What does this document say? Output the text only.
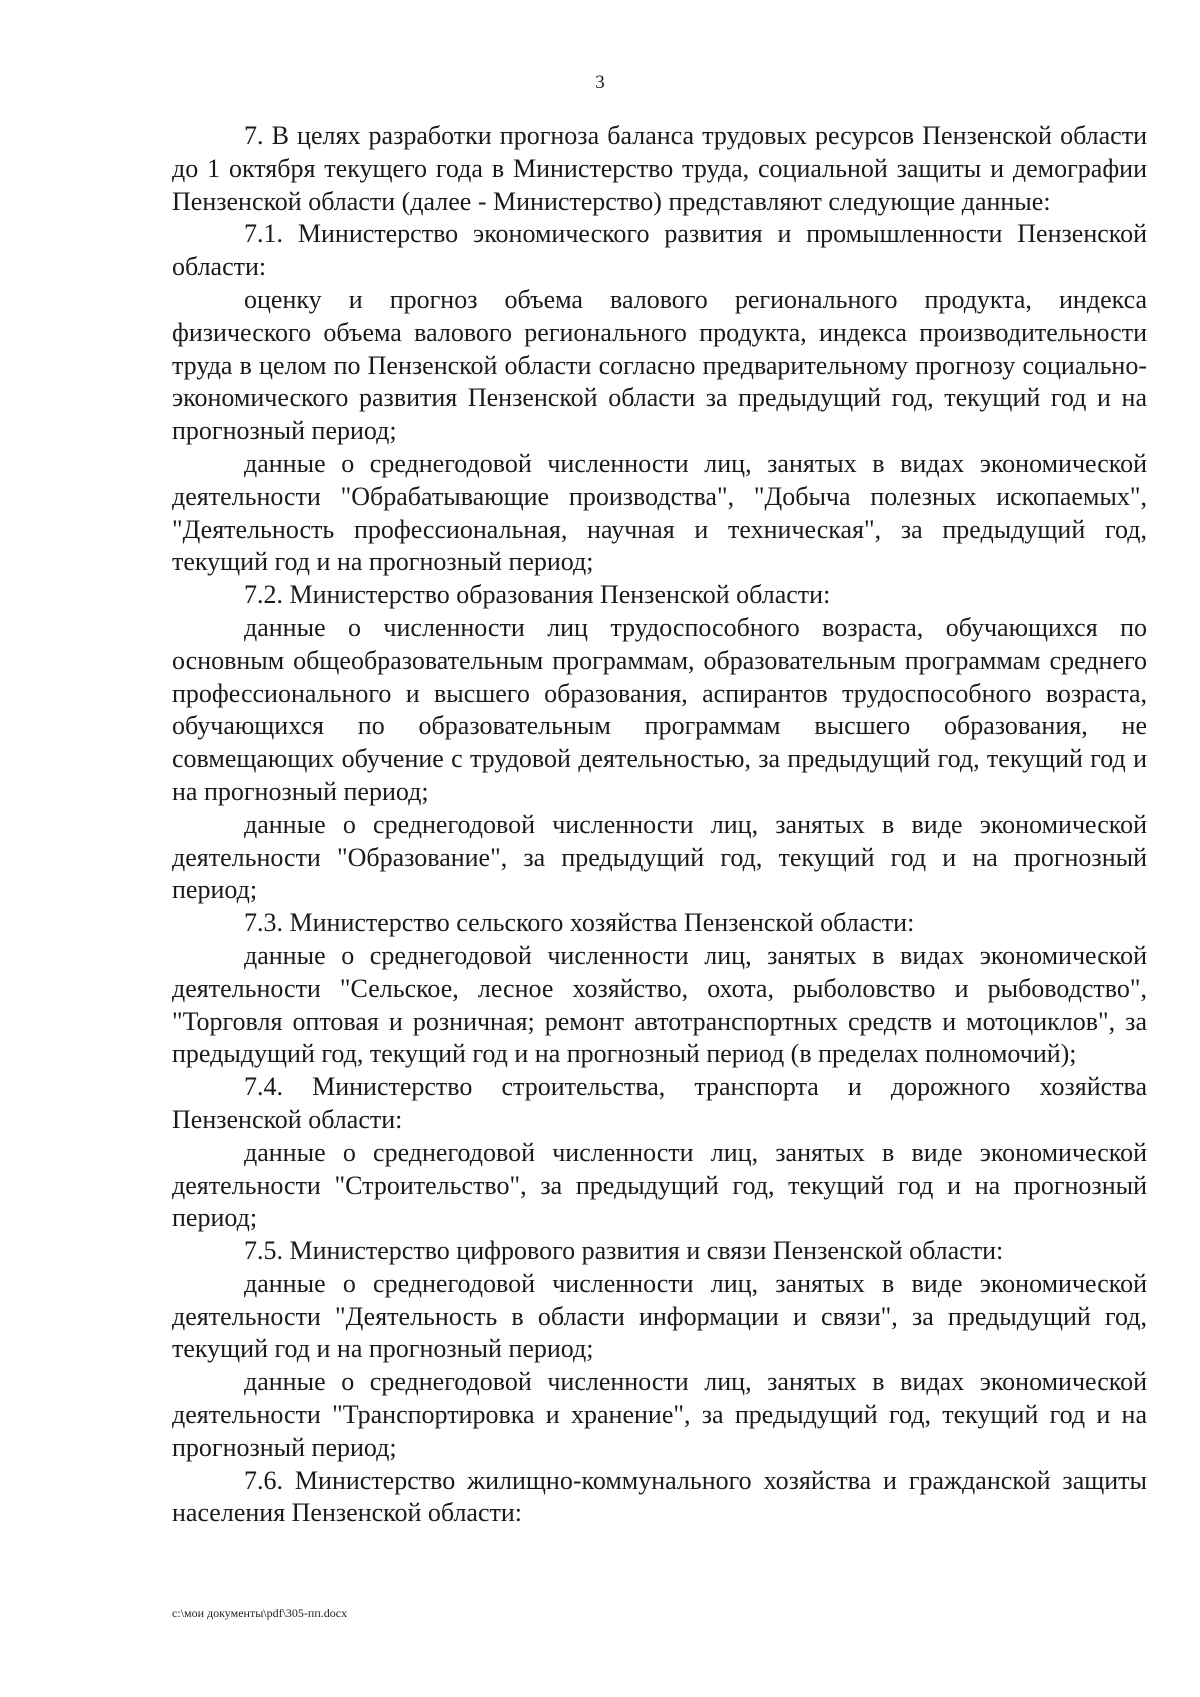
3

7. В целях разработки прогноза баланса трудовых ресурсов Пензенской области до 1 октября текущего года в Министерство труда, социальной защиты и демографии Пензенской области (далее - Министерство) представляют следующие данные:

7.1. Министерство экономического развития и промышленности Пензенской области:

оценку и прогноз объема валового регионального продукта, индекса физического объема валового регионального продукта, индекса производительности труда в целом по Пензенской области согласно предварительному прогнозу социально-экономического развития Пензенской области за предыдущий год, текущий год и на прогнозный период;

данные о среднегодовой численности лиц, занятых в видах экономической деятельности "Обрабатывающие производства", "Добыча полезных ископаемых", "Деятельность профессиональная, научная и техническая", за предыдущий год, текущий год и на прогнозный период;

7.2. Министерство образования Пензенской области:

данные о численности лиц трудоспособного возраста, обучающихся по основным общеобразовательным программам, образовательным программам среднего профессионального и высшего образования, аспирантов трудоспособного возраста, обучающихся по образовательным программам высшего образования, не совмещающих обучение с трудовой деятельностью, за предыдущий год, текущий год и на прогнозный период;

данные о среднегодовой численности лиц, занятых в виде экономической деятельности "Образование", за предыдущий год, текущий год и на прогнозный период;

7.3. Министерство сельского хозяйства Пензенской области:

данные о среднегодовой численности лиц, занятых в видах экономической деятельности "Сельское, лесное хозяйство, охота, рыболовство и рыбоводство", "Торговля оптовая и розничная; ремонт автотранспортных средств и мотоциклов", за предыдущий год, текущий год и на прогнозный период (в пределах полномочий);

7.4. Министерство строительства, транспорта и дорожного хозяйства Пензенской области:

данные о среднегодовой численности лиц, занятых в виде экономической деятельности "Строительство", за предыдущий год, текущий год и на прогнозный период;

7.5. Министерство цифрового развития и связи Пензенской области:

данные о среднегодовой численности лиц, занятых в виде экономической деятельности "Деятельность в области информации и связи", за предыдущий год, текущий год и на прогнозный период;

данные о среднегодовой численности лиц, занятых в видах экономической деятельности "Транспортировка и хранение", за предыдущий год, текущий год и на прогнозный период;

7.6. Министерство жилищно-коммунального хозяйства и гражданской защиты населения Пензенской области:

c:\мои документы\pdf\305-пп.docx
